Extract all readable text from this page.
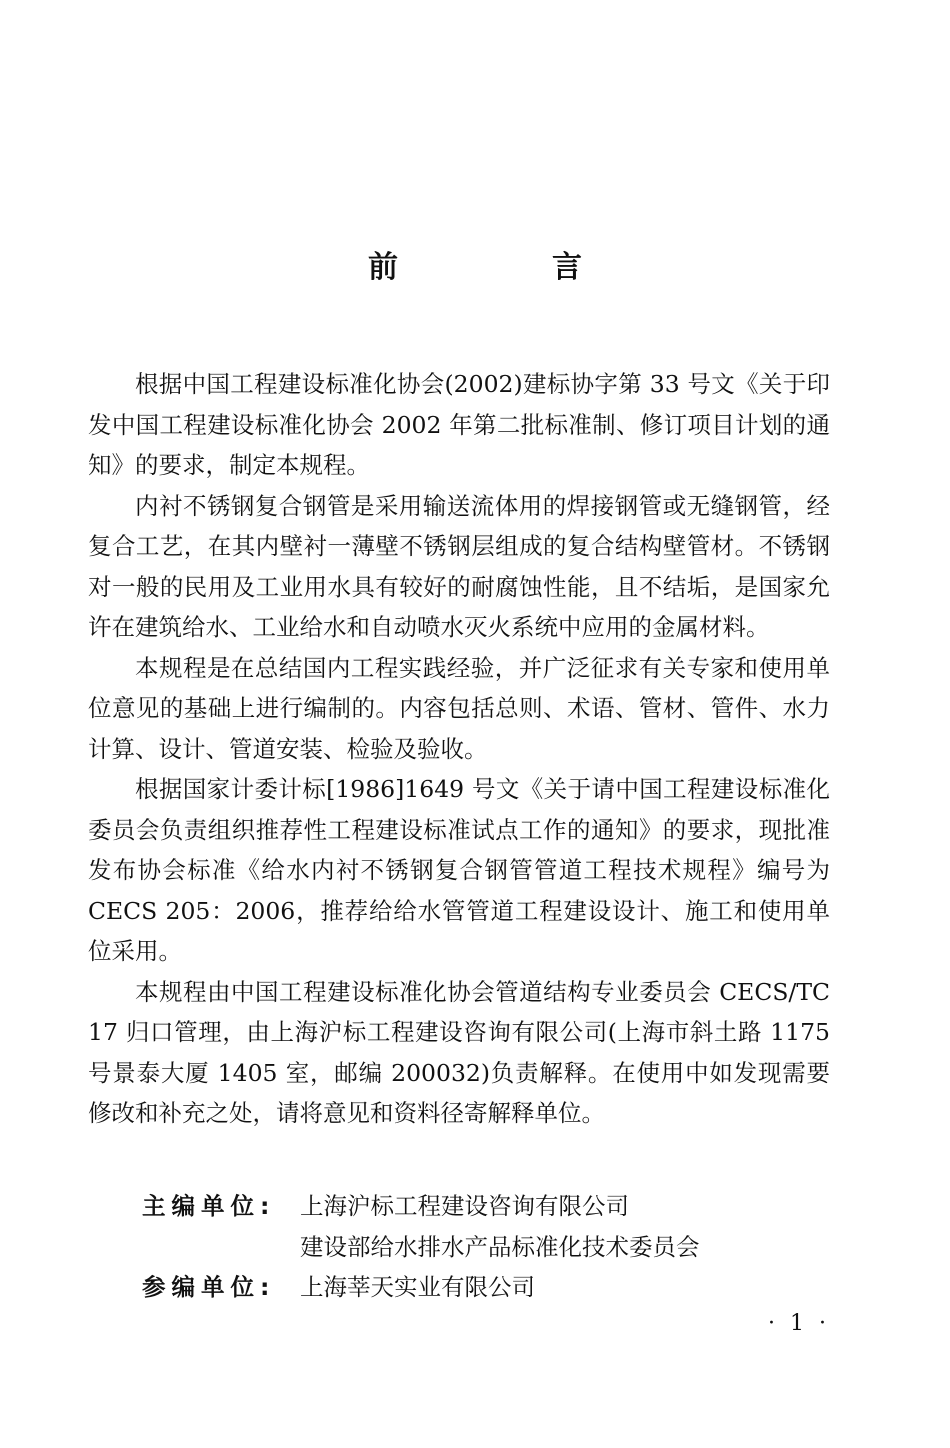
前　言

根据中国工程建设标准化协会(2002)建标协字第 33 号文《关于印发中国工程建设标准化协会 2002 年第二批标准制、修订项目计划的通知》的要求，制定本规程。

内衬不锈钢复合钢管是采用输送流体用的焊接钢管或无缝钢管，经复合工艺，在其内壁衬一薄壁不锈钢层组成的复合结构壁管材。不锈钢对一般的民用及工业用水具有较好的耐腐蚀性能，且不结垢，是国家允许在建筑给水、工业给水和自动喷水灭火系统中应用的金属材料。

本规程是在总结国内工程实践经验，并广泛征求有关专家和使用单位意见的基础上进行编制的。内容包括总则、术语、管材、管件、水力计算、设计、管道安装、检验及验收。

根据国家计委计标[1986]1649 号文《关于请中国工程建设标准化委员会负责组织推荐性工程建设标准试点工作的通知》的要求，现批准发布协会标准《给水内衬不锈钢复合钢管管道工程技术规程》编号为 CECS 205：2006，推荐给给水管管道工程建设设计、施工和使用单位采用。

本规程由中国工程建设标准化协会管道结构专业委员会 CECS/TC 17 归口管理，由上海沪标工程建设咨询有限公司(上海市斜土路 1175 号景泰大厦 1405 室，邮编 200032)负责解释。在使用中如发现需要修改和补充之处，请将意见和资料径寄解释单位。

主编单位:	上海沪标工程建设咨询有限公司
建设部给水排水产品标准化技术委员会
参编单位:	上海莘天实业有限公司
· 1 ·
